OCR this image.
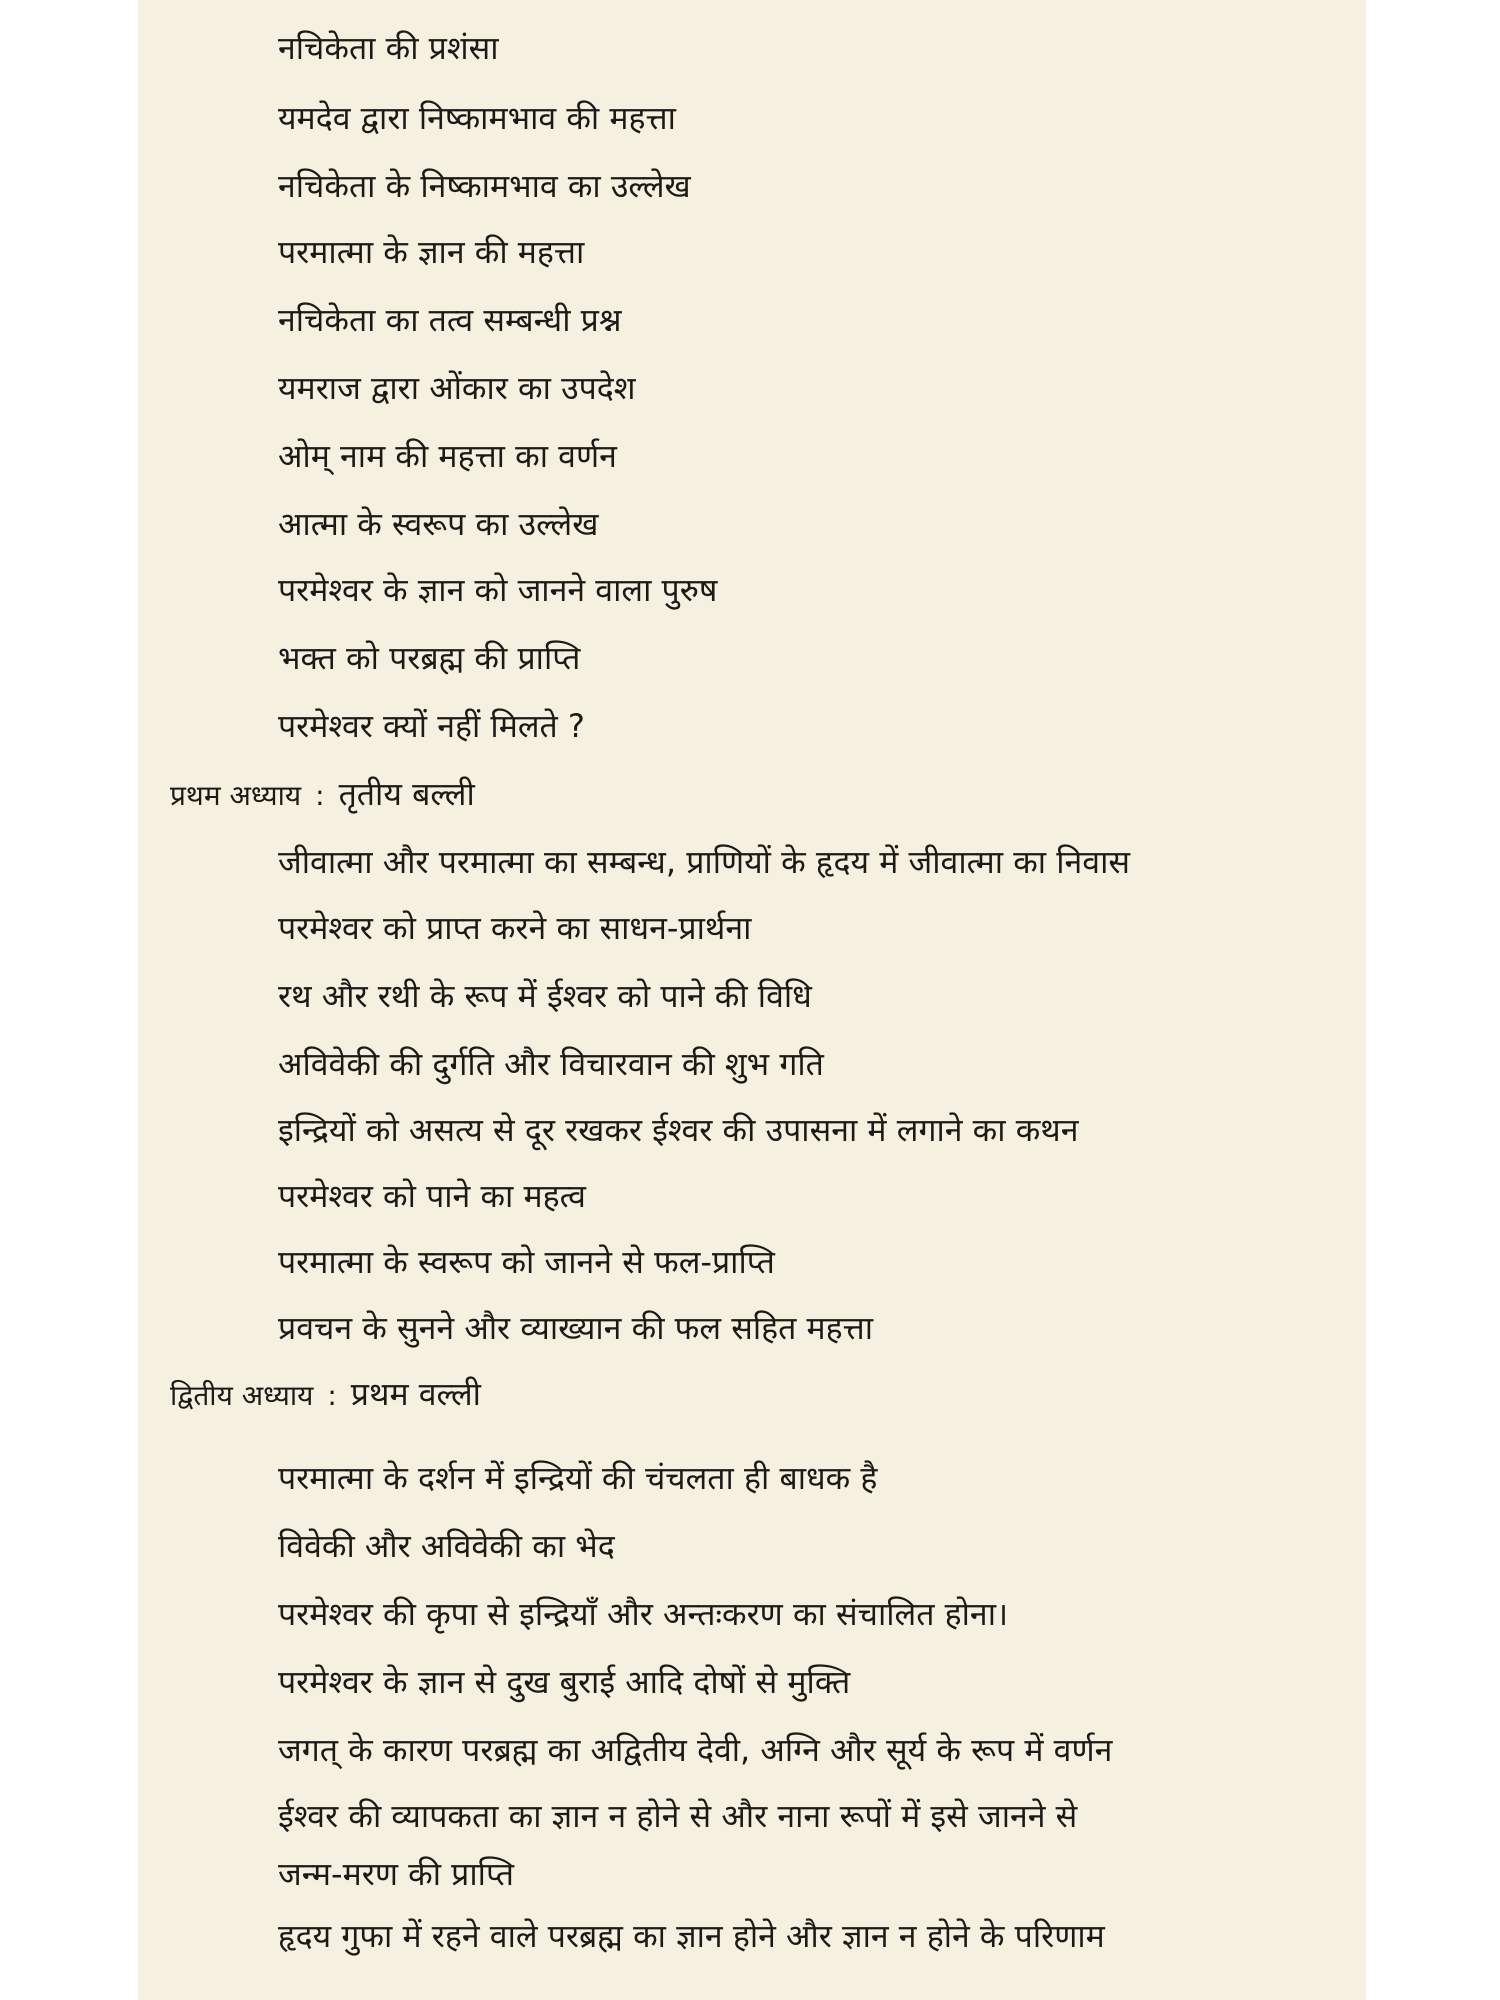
नचिकेता की प्रशंसा
यमदेव द्वारा निष्कामभाव की महत्ता
नचिकेता के निष्कामभाव का उल्लेख
परमात्मा के ज्ञान की महत्ता
नचिकेता का तत्व सम्बन्धी प्रश्न
यमराज द्वारा ओंकार का उपदेश
ओम् नाम की महत्ता का वर्णन
आत्मा के स्वरूप का उल्लेख
परमेश्वर के ज्ञान को जानने वाला पुरुष
भक्त को परब्रह्म की प्राप्ति
परमेश्वर क्यों नहीं मिलते ?
प्रथम अध्याय : तृतीय बल्ली
जीवात्मा और परमात्मा का सम्बन्ध, प्राणियों के हृदय में जीवात्मा का निवास
परमेश्वर को प्राप्त करने का साधन-प्रार्थना
रथ और रथी के रूप में ईश्वर को पाने की विधि
अविवेकी की दुर्गति और विचारवान की शुभ गति
इन्द्रियों को असत्य से दूर रखकर ईश्वर की उपासना में लगाने का कथन
परमेश्वर को पाने का महत्व
परमात्मा के स्वरूप को जानने से फल-प्राप्ति
प्रवचन के सुनने और व्याख्यान की फल सहित महत्ता
द्वितीय अध्याय : प्रथम वल्ली
परमात्मा के दर्शन में इन्द्रियों की चंचलता ही बाधक है
विवेकी और अविवेकी का भेद
परमेश्वर की कृपा से इन्द्रियाँ और अन्तःकरण का संचालित होना।
परमेश्वर के ज्ञान से दुख बुराई आदि दोषों से मुक्ति
जगत् के कारण परब्रह्म का अद्वितीय देवी, अग्नि और सूर्य के रूप में वर्णन
ईश्वर की व्यापकता का ज्ञान न होने से और नाना रूपों में इसे जानने से
जन्म-मरण की प्राप्ति
हृदय गुफा में रहने वाले परब्रह्म का ज्ञान होने और ज्ञान न होने के परिणाम
